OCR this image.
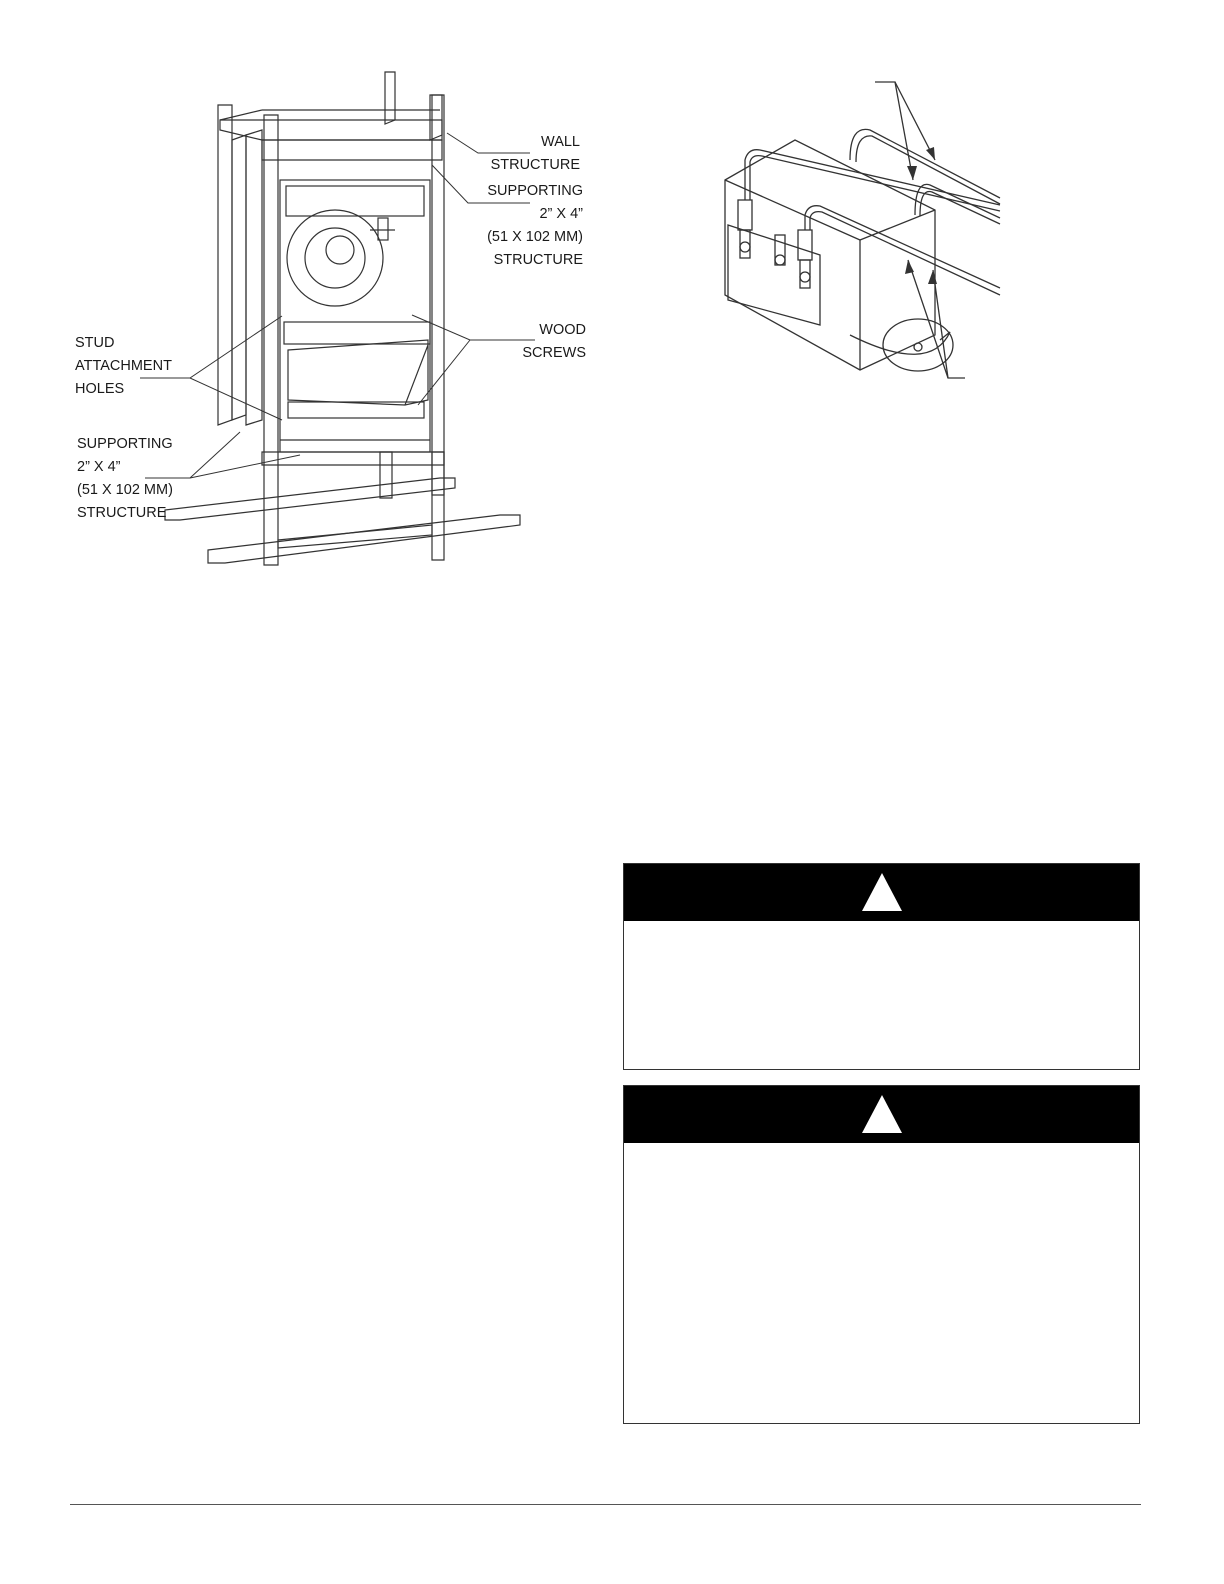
WALL
STRUCTURE
SUPPORTING
2” X 4”
(51 X 102 MM)
STRUCTURE
WOOD
SCREWS
STUD
ATTACHMENT
HOLES
SUPPORTING
2” X 4”
(51 X 102 MM)
STRUCTURE
